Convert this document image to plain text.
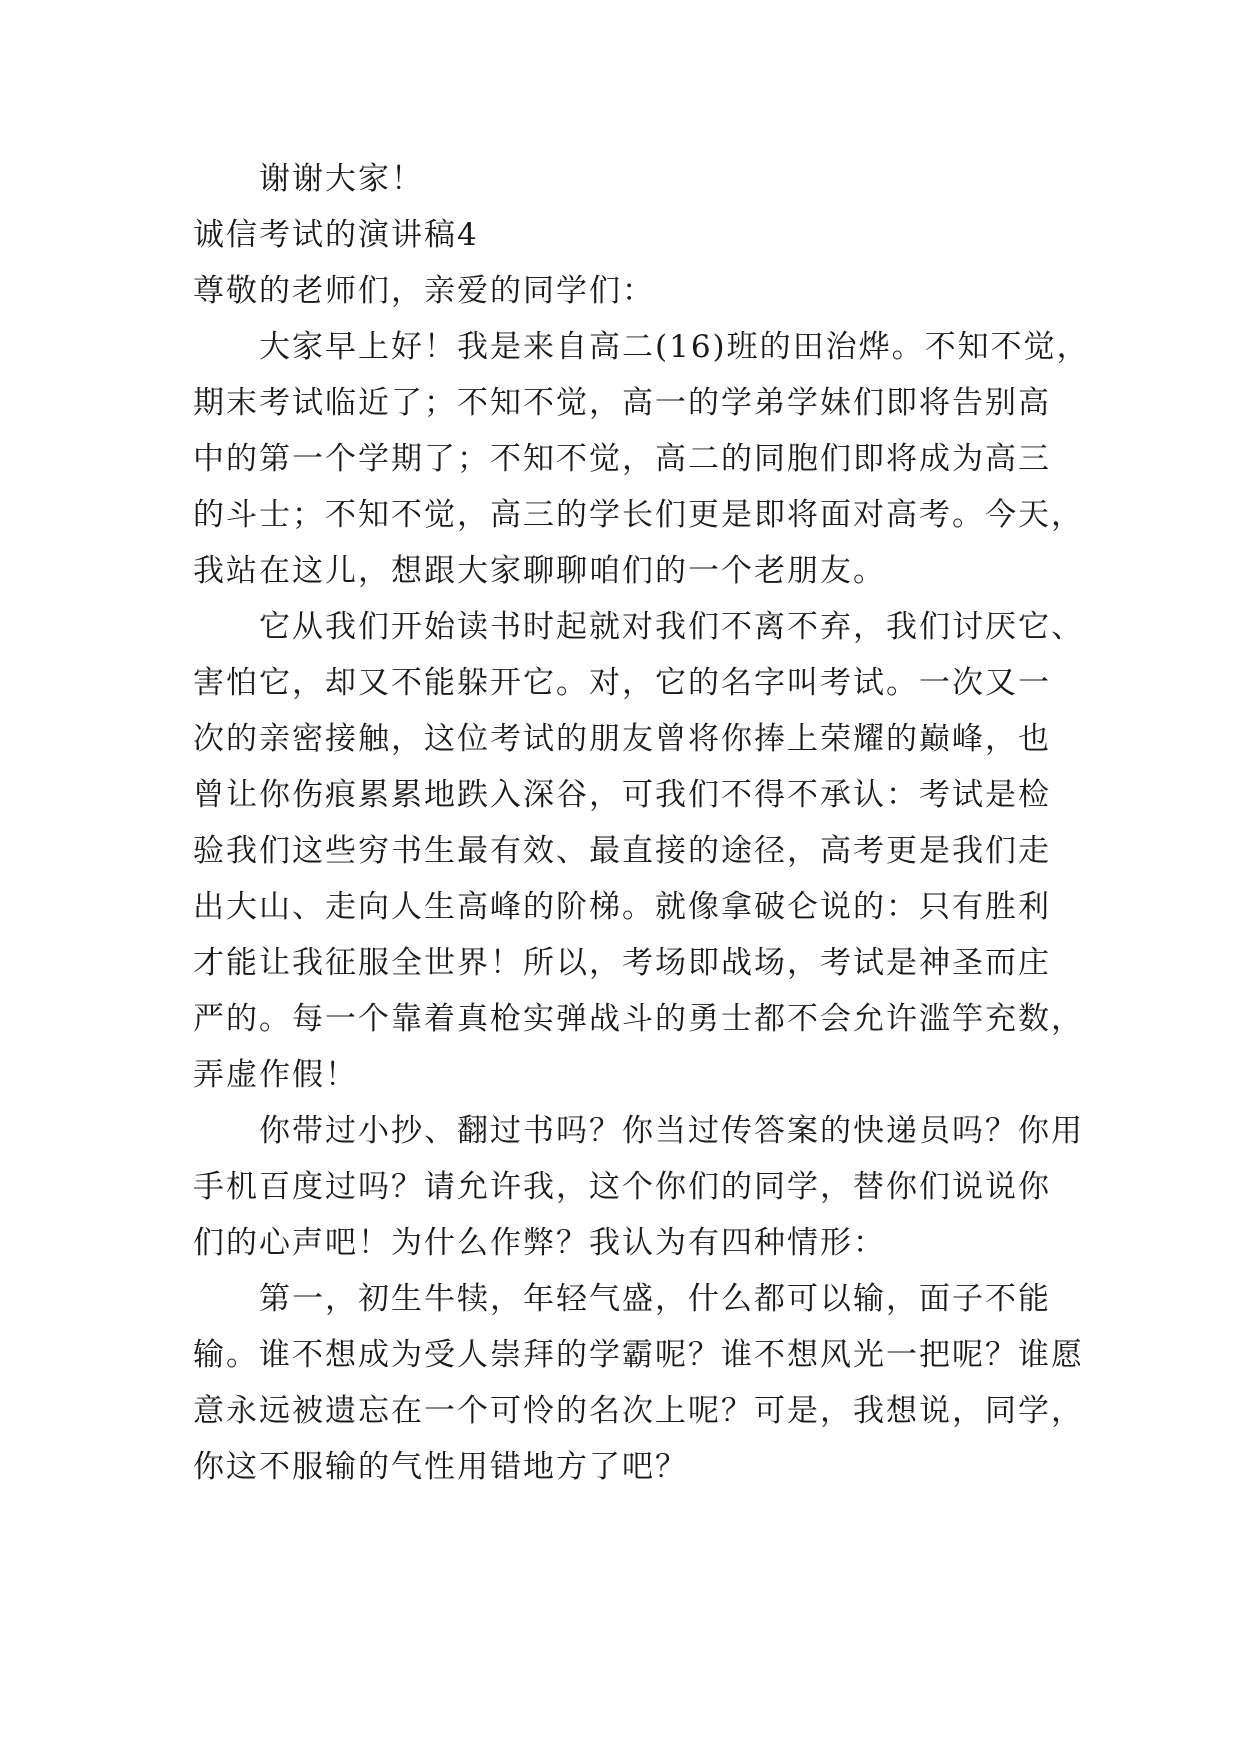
谢谢大家！
诚信考试的演讲稿4
尊敬的老师们，亲爱的同学们：
大家早上好！我是来自高二(16)班的田治烨。不知不觉，
期末考试临近了；不知不觉，高一的学弟学妹们即将告别高
中的第一个学期了；不知不觉，高二的同胞们即将成为高三
的斗士；不知不觉，高三的学长们更是即将面对高考。今天，
我站在这儿，想跟大家聊聊咱们的一个老朋友。
它从我们开始读书时起就对我们不离不弃，我们讨厌它、
害怕它，却又不能躲开它。对，它的名字叫考试。一次又一
次的亲密接触，这位考试的朋友曾将你捧上荣耀的巅峰，也
曾让你伤痕累累地跌入深谷，可我们不得不承认：考试是检
验我们这些穷书生最有效、最直接的途径，高考更是我们走
出大山、走向人生高峰的阶梯。就像拿破仑说的：只有胜利
才能让我征服全世界！所以，考场即战场，考试是神圣而庄
严的。每一个靠着真枪实弹战斗的勇士都不会允许滥竽充数，
弄虚作假！
你带过小抄、翻过书吗？你当过传答案的快递员吗？你用
手机百度过吗？请允许我，这个你们的同学，替你们说说你
们的心声吧！为什么作弊？我认为有四种情形：
第一，初生牛犊，年轻气盛，什么都可以输，面子不能
输。谁不想成为受人崇拜的学霸呢？谁不想风光一把呢？谁愿
意永远被遗忘在一个可怜的名次上呢？可是，我想说，同学，
你这不服输的气性用错地方了吧？
